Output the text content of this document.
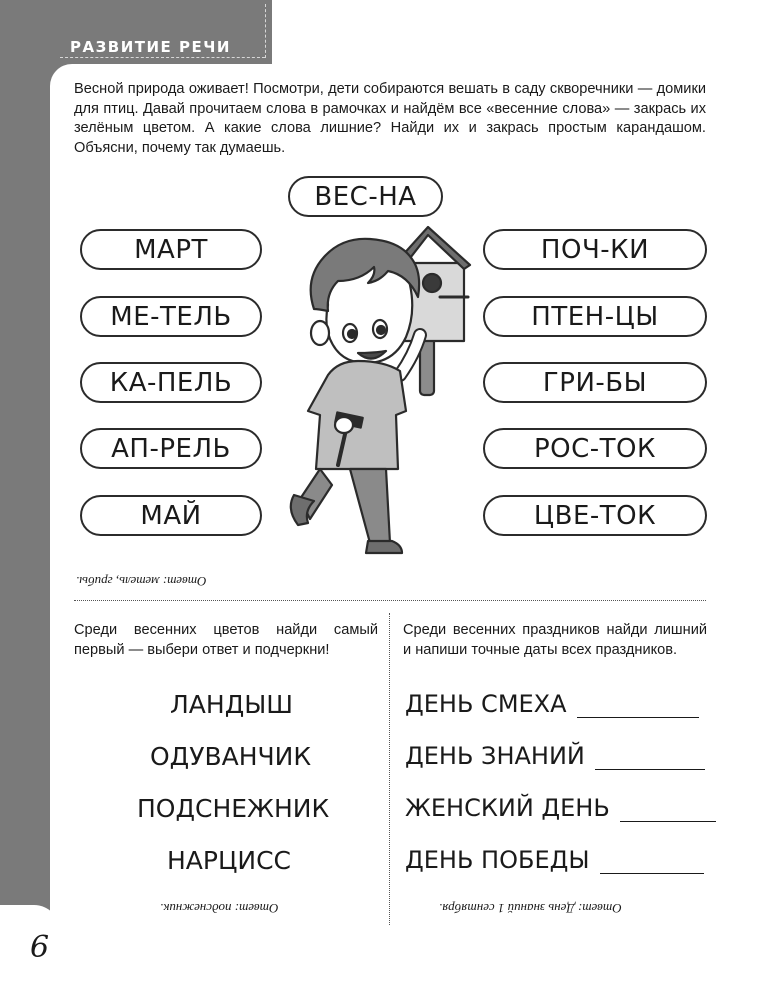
РАЗВИТИЕ РЕЧИ

Весной природа оживает! Посмотри, дети собираются вешать в саду скворечники — домики для птиц. Давай прочитаем слова в рамочках и найдём все «весенние слова» — закрась их зелёным цветом. А какие слова лишние? Найди их и закрась простым карандашом. Объясни, почему так думаешь.

ВЕС-НА
МАРТ
МЕ-ТЕЛЬ
КА-ПЕЛЬ
АП-РЕЛЬ
МАЙ
ПОЧ-КИ
ПТЕН-ЦЫ
ГРИ-БЫ
РОС-ТОК
ЦВЕ-ТОК
Ответ: метель, грибы.

Среди весенних цветов найди самый первый — выбери ответ и подчеркни!

Среди весенних праздников найди лишний и напиши точные даты всех праздников.

ЛАНДЫШ
ОДУВАНЧИК
ПОДСНЕЖНИК
НАРЦИСС
ДЕНЬ СМЕХА
ДЕНЬ ЗНАНИЙ
ЖЕНСКИЙ ДЕНЬ
ДЕНЬ ПОБЕДЫ
Ответ: подснежник.	Ответ: День знаний 1 сентября.
6
